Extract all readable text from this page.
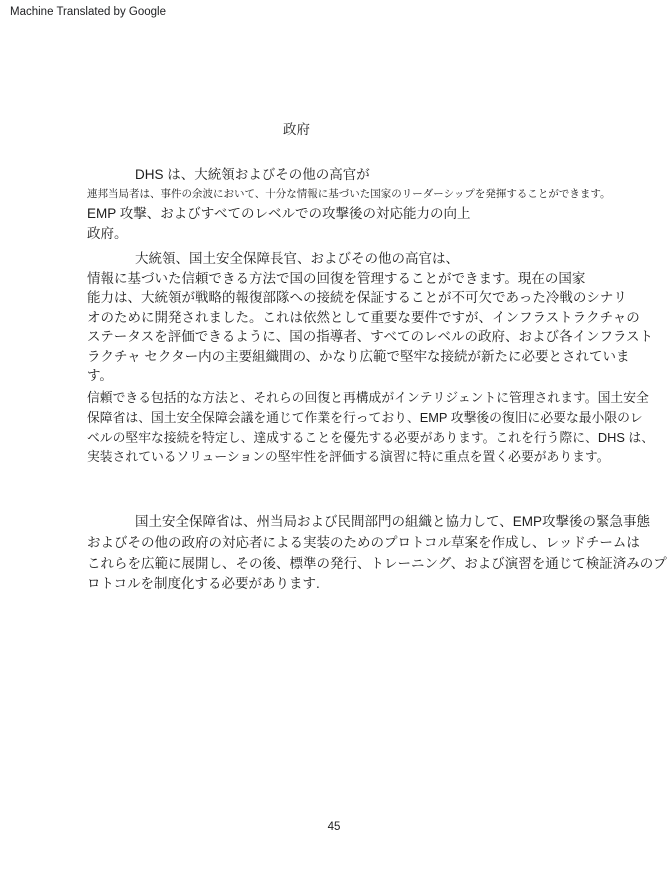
Machine Translated by Google
政府
DHS は、大統領およびその他の高官が
連邦当局者は、事件の余波において、十分な情報に基づいた国家のリーダーシップを発揮することができます。
EMP 攻撃、およびすべてのレベルでの攻撃後の対応能力の向上
政府。
大統領、国土安全保障長官、およびその他の高官は、
情報に基づいた信頼できる方法で国の回復を管理することができます。現在の国家
能力は、大統領が戦略的報復部隊への接続を保証することが不可欠であった冷戦のシナリ
オのために開発されました。これは依然として重要な要件ですが、インフラストラクチャの
ステータスを評価できるように、国の指導者、すべてのレベルの政府、および各インフラスト
ラクチャ セクター内の主要組織間の、かなり広範で堅牢な接続が新たに必要とされていま
す。
信頼できる包括的な方法と、それらの回復と再構成がインテリジェントに管理されます。国土安全
保障省は、国土安全保障会議を通じて作業を行っており、EMP 攻撃後の復旧に必要な最小限のレ
ベルの堅牢な接続を特定し、達成することを優先する必要があります。これを行う際に、DHS は、
実装されているソリューションの堅牢性を評価する演習に特に重点を置く必要があります。
国土安全保障省は、州当局および民間部門の組織と協力して、EMP攻撃後の緊急事態
およびその他の政府の対応者による実装のためのプロトコル草案を作成し、レッドチームは
これらを広範に展開し、その後、標準の発行、トレーニング、および演習を通じて検証済みのプ
ロトコルを制度化する必要があります.
45
